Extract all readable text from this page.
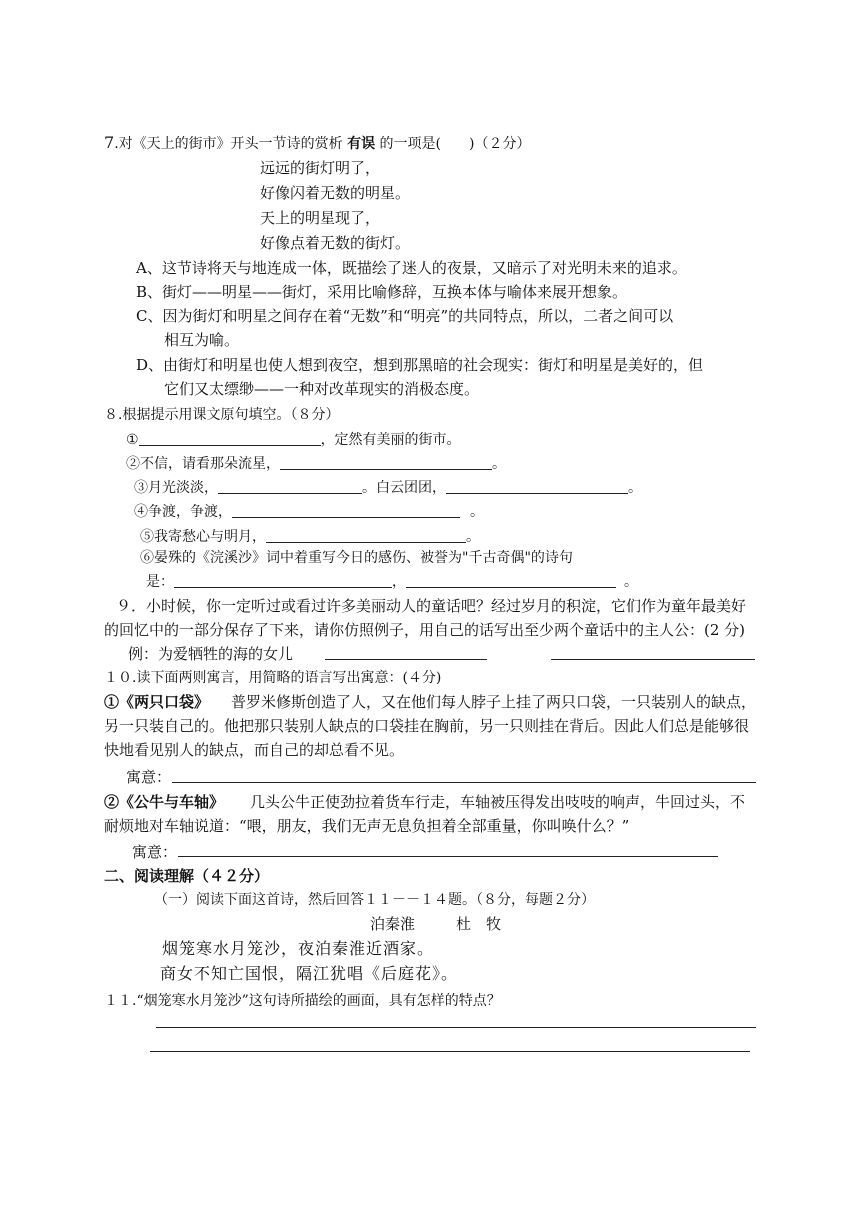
7.对《天上的街市》开头一节诗的赏析 有误 的一项是(　　)（２分）
远远的街灯明了，
好像闪着无数的明星。
天上的明星现了，
好像点着无数的街灯。
A、这节诗将天与地连成一体，既描绘了迷人的夜景，又暗示了对光明未来的追求。
B、街灯——明星——街灯，采用比喻修辞，互换本体与喻体来展开想象。
C、因为街灯和明星之间存在着“无数”和“明亮”的共同特点，所以，二者之间可以
相互为喻。
D、由街灯和明星也使人想到夜空，想到那黑暗的社会现实：街灯和明星是美好的，但
它们又太缥缈——一种对改革现实的消极态度。
８.根据提示用课文原句填空。（８分）
①	，定然有美丽的街市。
②不信，请看那朵流星，	。
③月光淡淡，	。白云团团，	。
④争渡，争渡，	。
⑤我寄愁心与明月，	。
⑥晏殊的《浣溪沙》词中着重写今日的感伤、被誉为"千古奇偶"的诗句
是：	，	。
９．小时候，你一定听过或看过许多美丽动人的童话吧？经过岁月的积淀，它们作为童年最美好
的回忆中的一部分保存了下来，请你仿照例子，用自己的话写出至少两个童话中的主人公：(2 分)
例：为爱牺牲的海的女儿
１０.读下面两则寓言，用简略的语言写出寓意：(４分)
①《两只口袋》 普罗米修斯创造了人，又在他们每人脖子上挂了两只口袋，一只装别人的缺点，
另一只装自己的。他把那只装别人缺点的口袋挂在胸前，另一只则挂在背后。因此人们总是能够很
快地看见别人的缺点，而自己的却总看不见。
寓意：
②《公牛与车轴》 几头公牛正使劲拉着货车行走，车轴被压得发出吱吱的响声，牛回过头，不
耐烦地对车轴说道：“喂，朋友，我们无声无息负担着全部重量，你叫唤什么？”
寓意：
二、阅读理解（４２分）
（一）阅读下面这首诗，然后回答１１－－１４题。（８分，每题２分）
泊秦淮	杜　牧
烟笼寒水月笼沙，夜泊秦淮近酒家。
商女不知亡国恨，隔江犹唱《后庭花》。
１１.“烟笼寒水月笼沙”这句诗所描绘的画面，具有怎样的特点？
